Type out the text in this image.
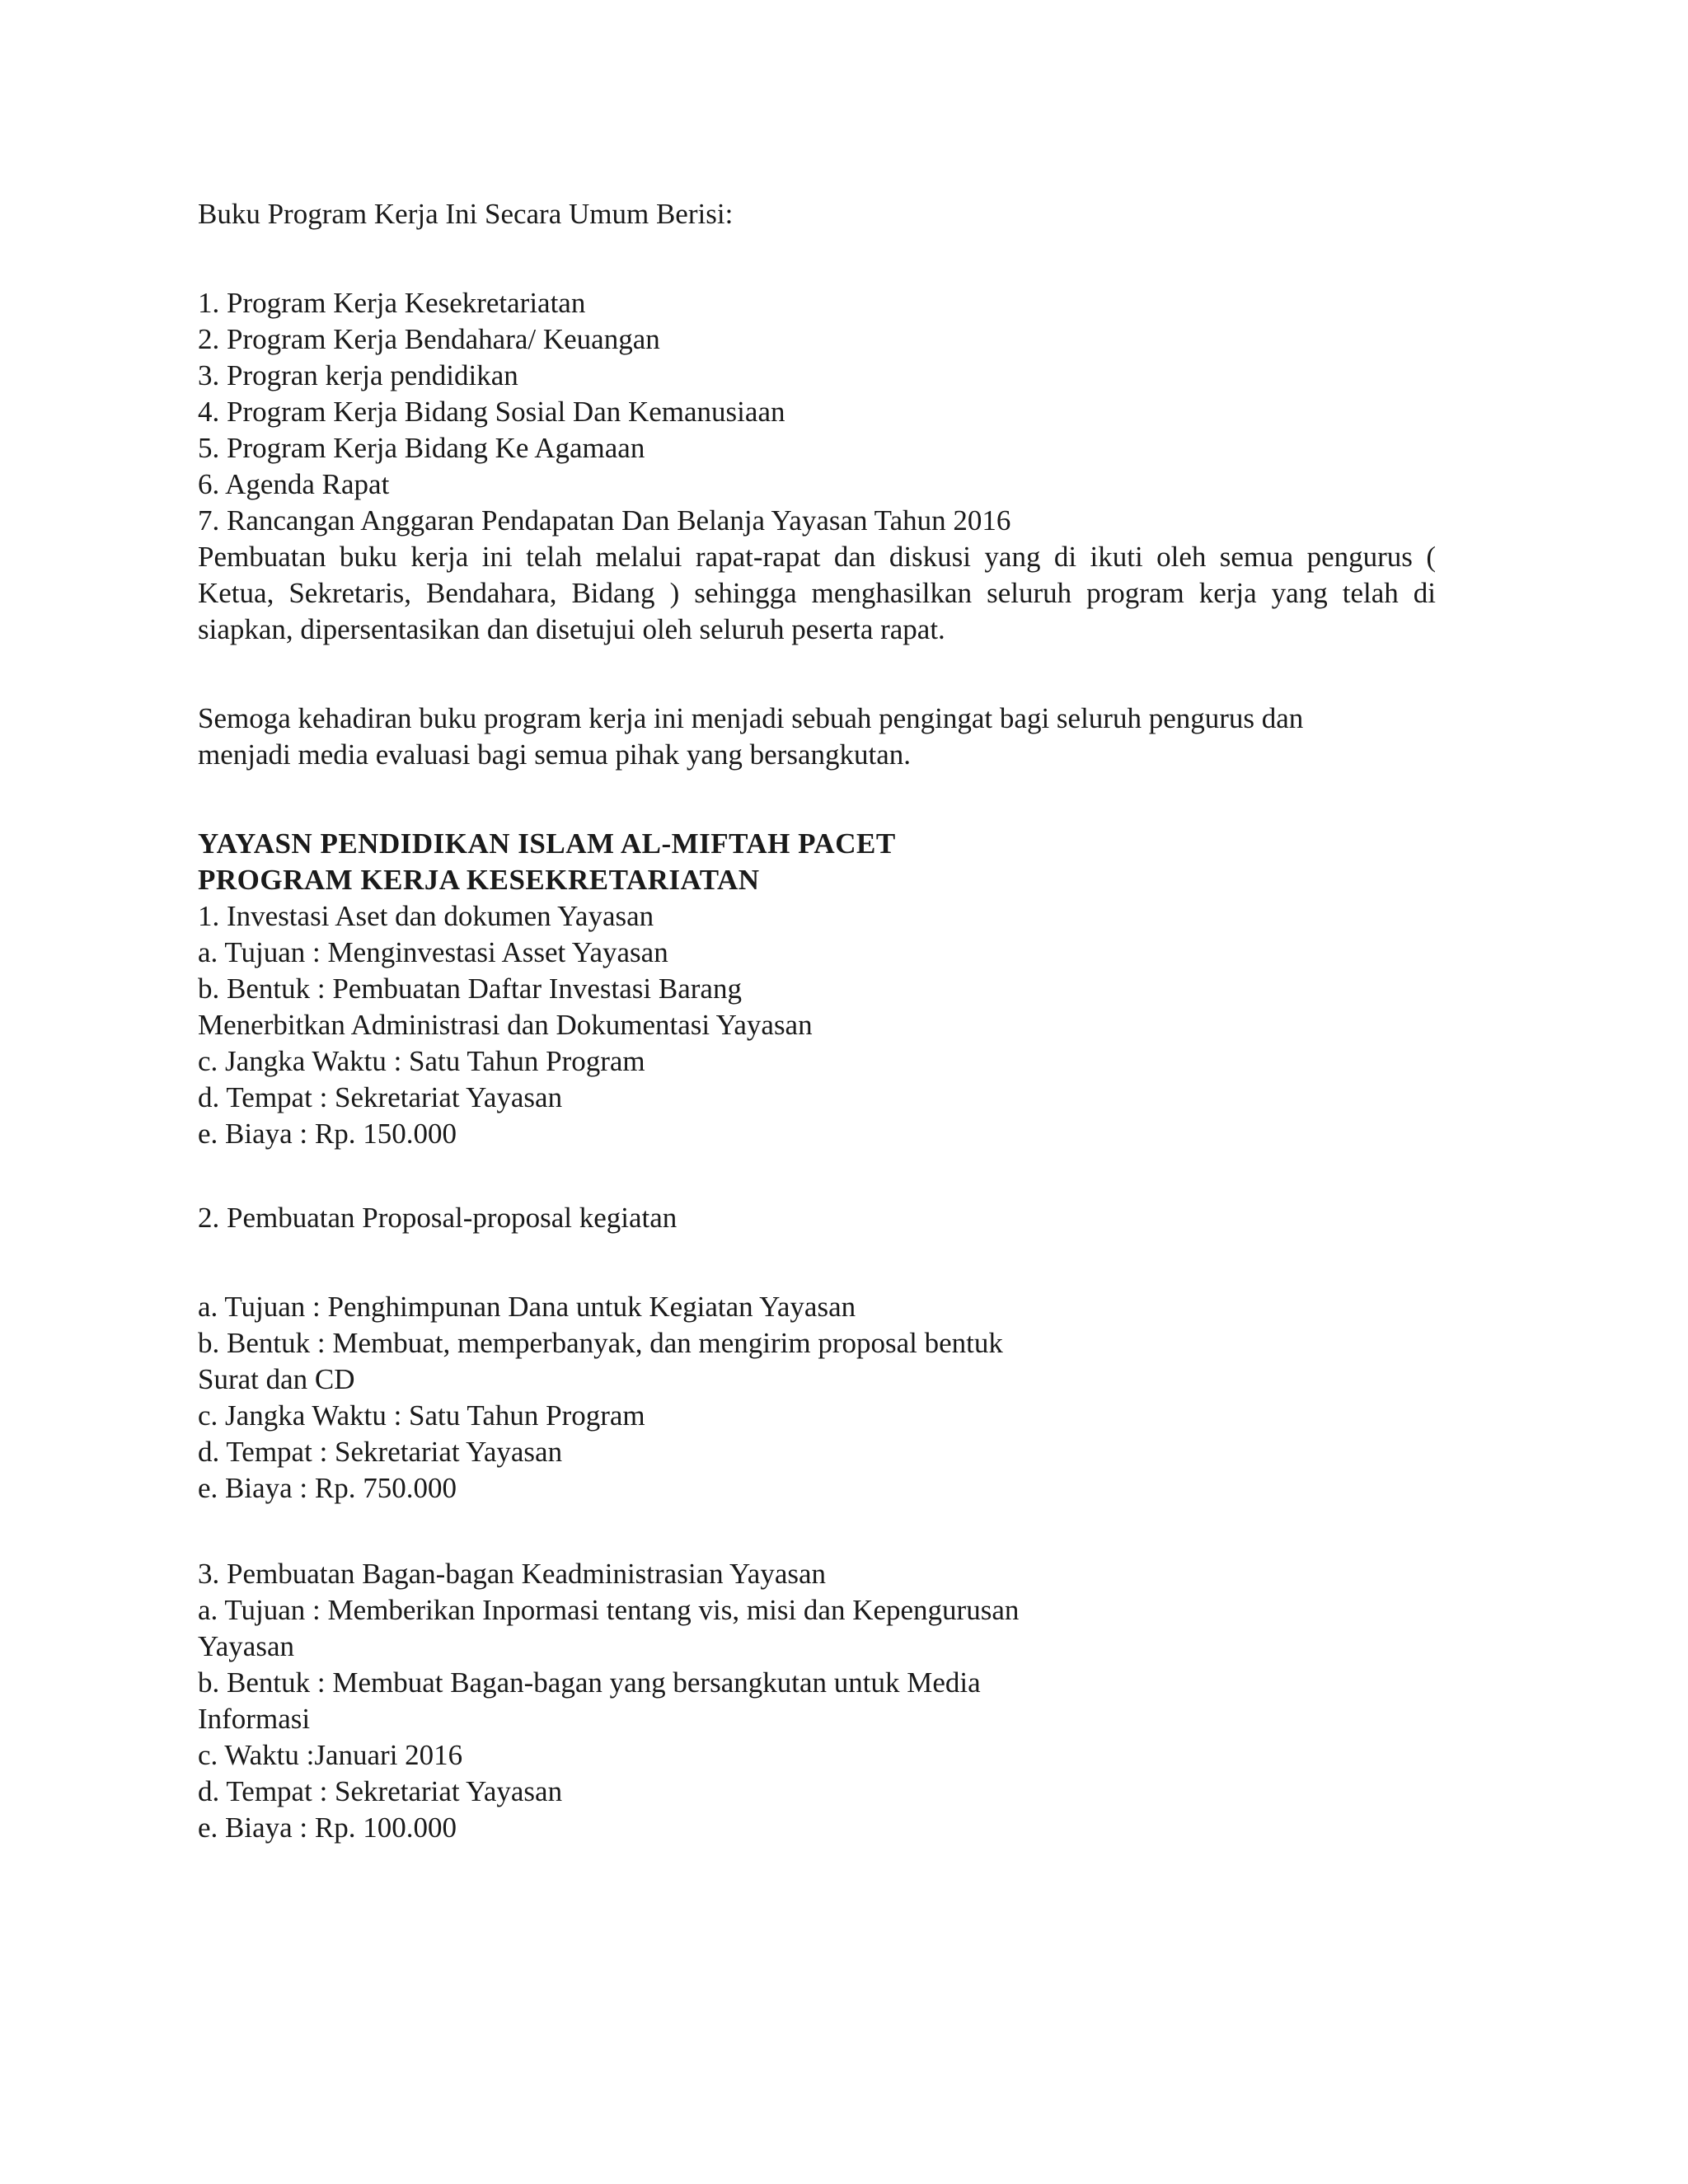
Buku Program Kerja Ini Secara Umum Berisi:

1. Program Kerja Kesekretariatan

2. Program Kerja Bendahara/ Keuangan

3. Progran kerja pendidikan

4. Program Kerja Bidang Sosial Dan Kemanusiaan

5. Program Kerja Bidang Ke Agamaan

6. Agenda Rapat

7. Rancangan Anggaran Pendapatan Dan Belanja Yayasan Tahun 2016

Pembuatan buku kerja ini telah melalui rapat-rapat dan diskusi yang di ikuti oleh semua pengurus (

Ketua, Sekretaris, Bendahara, Bidang ) sehingga menghasilkan seluruh program kerja yang telah di

siapkan, dipersentasikan dan disetujui oleh seluruh peserta rapat.

Semoga kehadiran buku program kerja ini menjadi sebuah pengingat bagi seluruh pengurus dan

menjadi media evaluasi bagi semua pihak yang bersangkutan.

YAYASN PENDIDIKAN ISLAM AL-MIFTAH PACET

PROGRAM KERJA KESEKRETARIATAN

1. Investasi Aset dan dokumen Yayasan

a. Tujuan : Menginvestasi Asset Yayasan

b. Bentuk : Pembuatan Daftar Investasi Barang

Menerbitkan Administrasi dan Dokumentasi Yayasan

c. Jangka Waktu : Satu Tahun Program

d. Tempat : Sekretariat Yayasan

e. Biaya : Rp. 150.000

2. Pembuatan Proposal-proposal kegiatan

a. Tujuan : Penghimpunan Dana untuk Kegiatan Yayasan

b. Bentuk : Membuat, memperbanyak, dan mengirim proposal bentuk

Surat dan CD

c. Jangka Waktu : Satu Tahun Program

d. Tempat : Sekretariat Yayasan

e. Biaya : Rp. 750.000

3. Pembuatan Bagan-bagan Keadministrasian Yayasan

a. Tujuan : Memberikan Inpormasi tentang vis, misi dan Kepengurusan

Yayasan

b. Bentuk : Membuat Bagan-bagan yang bersangkutan untuk Media

Informasi

c. Waktu :Januari 2016

d. Tempat : Sekretariat Yayasan

e. Biaya : Rp. 100.000
